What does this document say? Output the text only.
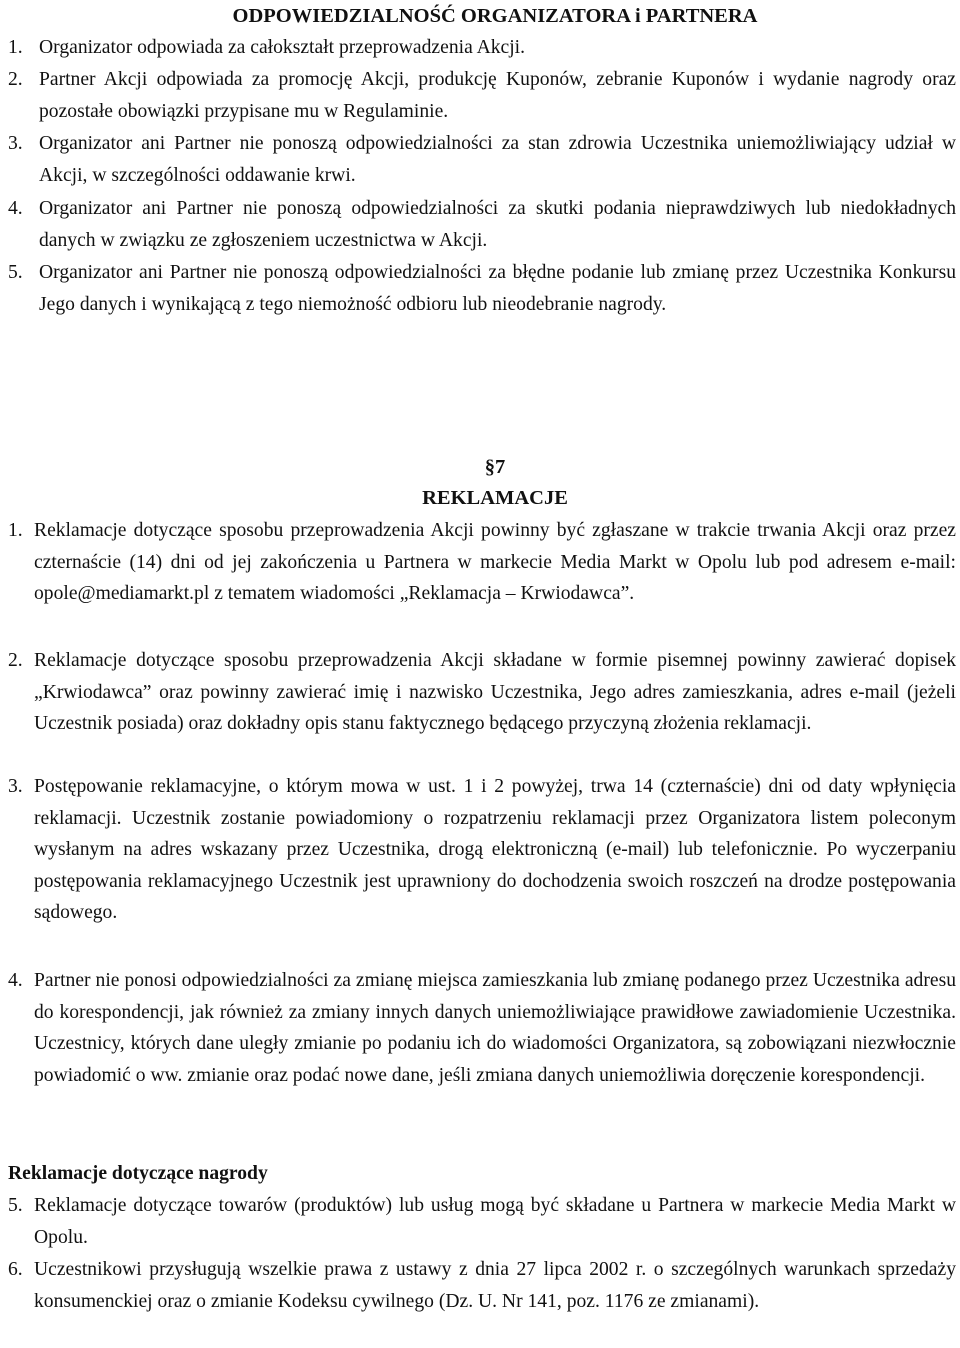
ODPOWIEDZIALNOŚĆ ORGANIZATORA i PARTNERA
1. Organizator odpowiada za całokształt przeprowadzenia Akcji.
2. Partner Akcji odpowiada za promocję Akcji, produkcję Kuponów, zebranie Kuponów i wydanie nagrody oraz pozostałe obowiązki przypisane mu w Regulaminie.
3. Organizator ani Partner nie ponoszą odpowiedzialności za stan zdrowia Uczestnika uniemożliwiający udział w Akcji, w szczególności oddawanie krwi.
4. Organizator ani Partner nie ponoszą odpowiedzialności za skutki podania nieprawdziwych lub niedokładnych danych w związku ze zgłoszeniem uczestnictwa w Akcji.
5. Organizator ani Partner nie ponoszą odpowiedzialności za błędne podanie lub zmianę przez Uczestnika Konkursu Jego danych i wynikającą z tego niemożność odbioru lub nieodebranie nagrody.
§7
REKLAMACJE
1. Reklamacje dotyczące sposobu przeprowadzenia Akcji powinny być zgłaszane w trakcie trwania Akcji oraz przez czternaście (14) dni od jej zakończenia u Partnera w markecie Media Markt w Opolu lub pod adresem e-mail: opole@mediamarkt.pl z tematem wiadomości „Reklamacja – Krwiodawca”.
2. Reklamacje dotyczące sposobu przeprowadzenia Akcji składane w formie pisemnej powinny zawierać dopisek „Krwiodawca” oraz powinny zawierać imię i nazwisko Uczestnika, Jego adres zamieszkania, adres e-mail (jeżeli Uczestnik posiada) oraz dokładny opis stanu faktycznego będącego przyczyną złożenia reklamacji.
3. Postępowanie reklamacyjne, o którym mowa w ust. 1 i 2 powyżej, trwa 14 (czternaście) dni od daty wpłynięcia reklamacji. Uczestnik zostanie powiadomiony o rozpatrzeniu reklamacji przez Organizatora listem poleconym wysłanym na adres wskazany przez Uczestnika, drogą elektroniczną (e-mail) lub telefonicznie. Po wyczerpaniu postępowania reklamacyjnego Uczestnik jest uprawniony do dochodzenia swoich roszczeń na drodze postępowania sądowego.
4. Partner nie ponosi odpowiedzialności za zmianę miejsca zamieszkania lub zmianę podanego przez Uczestnika adresu do korespondencji, jak również za zmiany innych danych uniemożliwiające prawidłowe zawiadomienie Uczestnika. Uczestnicy, których dane uległy zmianie po podaniu ich do wiadomości Organizatora, są zobowiązani niezwłocznie powiadomić o ww. zmianie oraz podać nowe dane, jeśli zmiana danych uniemożliwia doręczenie korespondencji.
Reklamacje dotyczące nagrody
5. Reklamacje dotyczące towarów (produktów) lub usług mogą być składane u Partnera w markecie Media Markt w Opolu.
6. Uczestnikowi przysługują wszelkie prawa z ustawy z dnia 27 lipca 2002 r. o szczególnych warunkach sprzedaży konsumenckiej oraz o zmianie Kodeksu cywilnego (Dz. U. Nr 141, poz. 1176 ze zmianami).
